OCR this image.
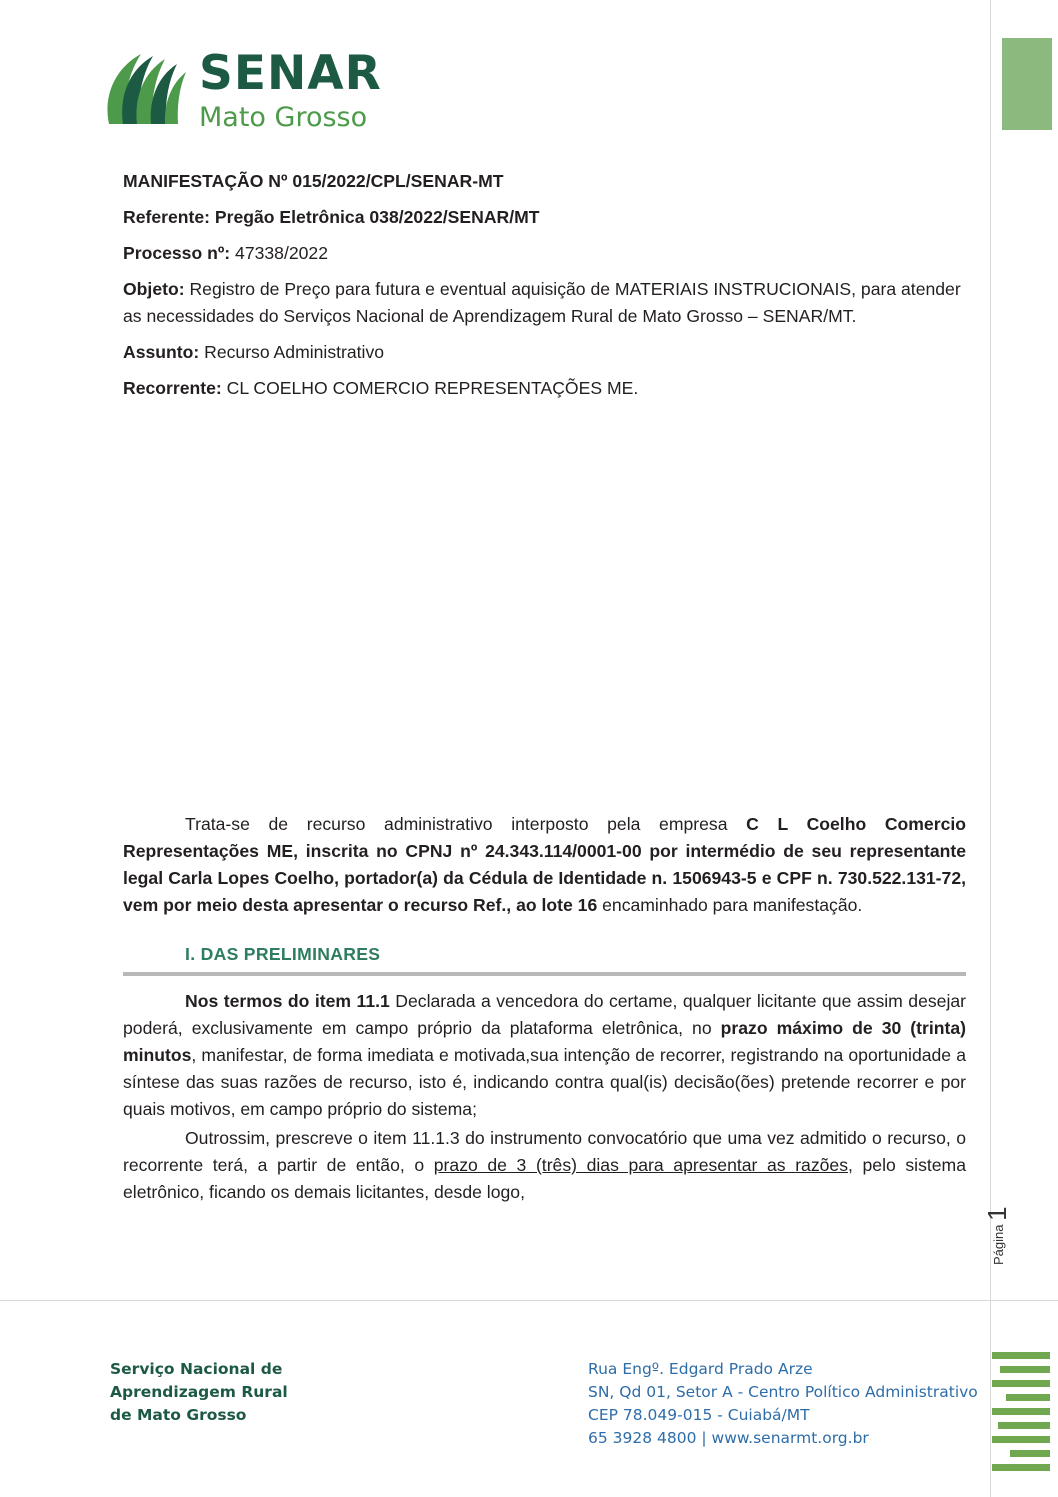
SENAR
Mato Grosso
MANIFESTAÇÃO Nº 015/2022/CPL/SENAR-MT
Referente: Pregão Eletrônica 038/2022/SENAR/MT
Processo nº: 47338/2022
Objeto: Registro de Preço para futura e eventual aquisição de MATERIAIS INSTRUCIONAIS, para atender as necessidades do Serviços Nacional de Aprendizagem Rural de Mato Grosso – SENAR/MT.
Assunto: Recurso Administrativo
Recorrente: CL COELHO COMERCIO REPRESENTAÇÕES ME.
Trata-se de recurso administrativo interposto pela empresa C L Coelho Comercio Representações ME, inscrita no CPNJ nº 24.343.114/0001-00 por intermédio de seu representante legal Carla Lopes Coelho, portador(a) da Cédula de Identidade n. 1506943-5 e CPF n. 730.522.131-72, vem por meio desta apresentar o recurso Ref., ao lote 16 encaminhado para manifestação.
I. DAS PRELIMINARES
Nos termos do item 11.1 Declarada a vencedora do certame, qualquer licitante que assim desejar poderá, exclusivamente em campo próprio da plataforma eletrônica, no prazo máximo de 30 (trinta) minutos, manifestar, de forma imediata e motivada,sua intenção de recorrer, registrando na oportunidade a síntese das suas razões de recurso, isto é, indicando contra qual(is) decisão(ões) pretende recorrer e por quais motivos, em campo próprio do sistema;
Outrossim, prescreve o item 11.1.3 do instrumento convocatório que uma vez admitido o recurso, o recorrente terá, a partir de então, o prazo de 3 (três) dias para apresentar as razões, pelo sistema eletrônico, ficando os demais licitantes, desde logo,
Página 1
Serviço Nacional de
Aprendizagem Rural
de Mato Grosso
Rua Engº. Edgard Prado Arze
SN, Qd 01, Setor A - Centro Político Administrativo
CEP 78.049-015 - Cuiabá/MT
65 3928 4800 | www.senarmt.org.br
